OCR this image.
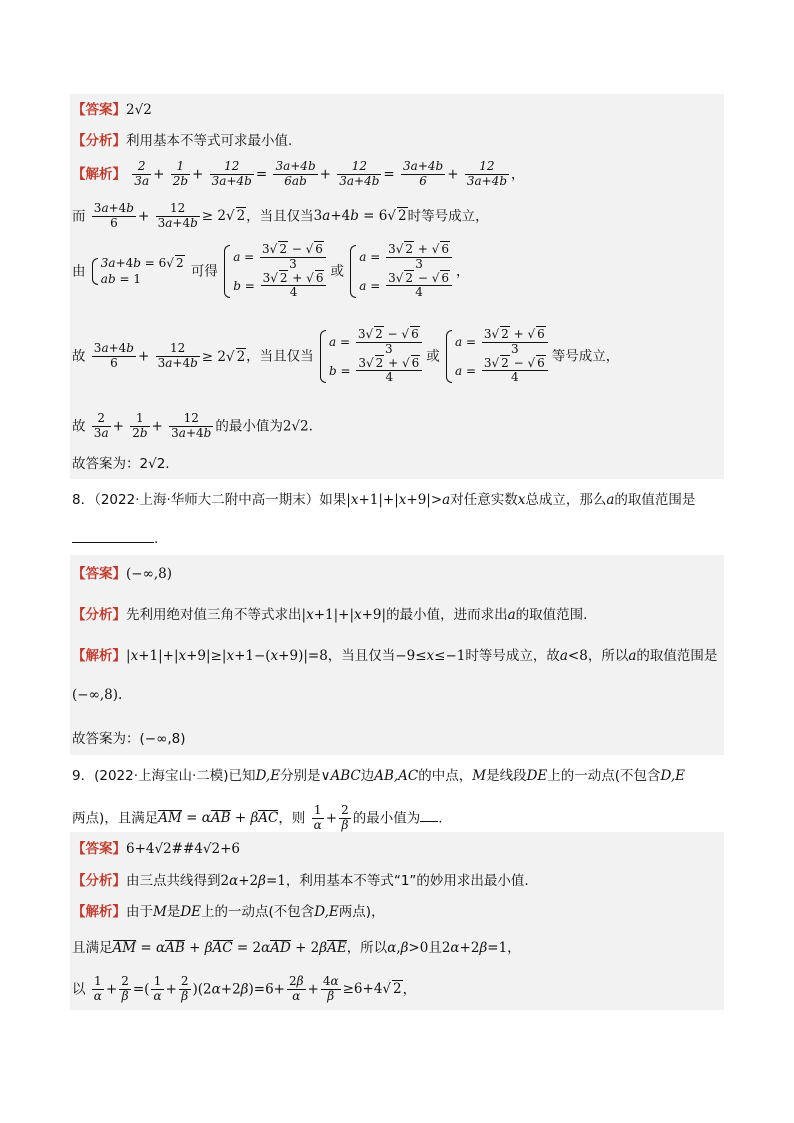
【答案】2√2
【分析】利用基本不等式可求最小值.
【解析】 $\frac{2}{3a} + \frac{1}{2b} + \frac{12}{3a+4b} = \frac{3a+4b}{6ab} + \frac{12}{3a+4b} = \frac{3a+4b}{6} + \frac{12}{3a+4b}$ ，
而 $\frac{3a+4b}{6} + \frac{12}{3a+4b} \ge 2√$ 2，当且仅当3a+4b = 6√ 2时等号成立，
由
3a+4b = 6√ 2
ab = 1	可得
$a = \frac{3√ 2 - √ 6}{3}$
$b = \frac{3√ 2 + √ 6}{4}$ 或
$a = \frac{3√ 2 + √ 6}{3}$
$a = \frac{3√ 2 - √ 6}{4}$ ，
故 $\frac{3a+4b}{6} + \frac{12}{3a+4b} \ge 2√$ 2，当且仅当
$a = \frac{3√ 2 - √ 6}{3}$
$b = \frac{3√ 2 + √ 6}{4}$ 或
$a = \frac{3√ 2 + √ 6}{3}$
$a = \frac{3√ 2 - √ 6}{4}$ 等号成立，
故 $\frac{2}{3a} + \frac{1}{2b} + \frac{12}{3a+4b}$ 的最小值为2√2.
故答案为：2√2.
8．（2022·上海·华师大二附中高一期末）如果|x+1|+|x+9|>a对任意实数x总成立，那么a的取值范围是
.
【答案】(−∞,8)
【分析】先利用绝对值三角不等式求出|x+1|+|x+9|的最小值，进而求出a的取值范围.
【解析】|x+1|+|x+9|≥|x+1−(x+9)|=8，当且仅当−9≤x≤−1时等号成立，故a<8，所以a的取值范围是
(−∞,8).
故答案为：(−∞,8)
9．(2022·上海宝山·二模)已知D,E分别是∨ABC边AB,AC的中点，M是线段DE上的一动点(不包含D,E
两点)，且满足AM = αAB + βAC，则 $\frac{1}{\alpha} + \frac{2}{\beta}$ 的最小值为 .
【答案】6+4√2##4√2+6
【分析】由三点共线得到2α+2β=1，利用基本不等式“1”的妙用求出最小值.
【解析】由于M是DE上的一动点(不包含D,E两点)，
且满足AM = αAB + βAC = 2αAD + 2βAE，所以α,β>0且2α+2β=1，
以 $\frac{1}{\alpha} + \frac{2}{\beta}$ =( $\frac{1}{\alpha} + \frac{2}{\beta} )(2\alpha+2\beta)=6+ \frac{2\beta}{\alpha} + \frac{4\alpha}{\beta} \ge 6+4√$ 2，
